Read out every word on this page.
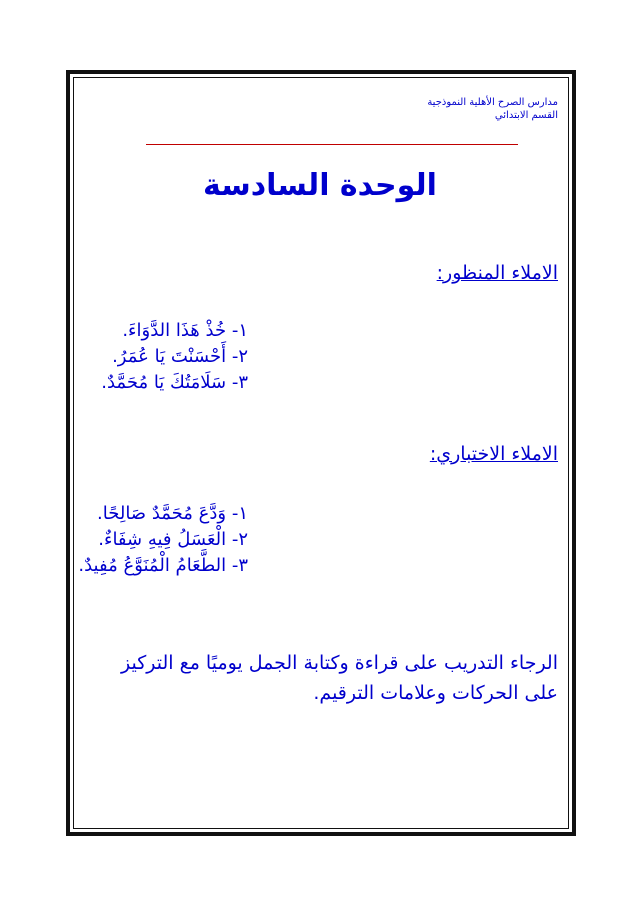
مدارس الصرح الأهلية النموذجية
القسم الابتدائي
الوحدة السادسة
الاملاء المنظور:
١- خُذْ هَذَا الدَّوَاءَ.
٢- أَحْسَنْتَ يَا عُمَرُ.
٣- سَلَامَتُكَ يَا مُحَمَّدٌ.
الاملاء الاختباري:
١- وَدَّعَ مُحَمَّدٌ صَالِحًا.
٢- الْعَسَلُ فِيهِ شِفَاءٌ.
٣- الطَّعَامُ الْمُنَوَّعُ مُفِيدٌ.
الرجاء التدريب على قراءة وكتابة الجمل يوميًا مع التركيز
على الحركات وعلامات الترقيم.
